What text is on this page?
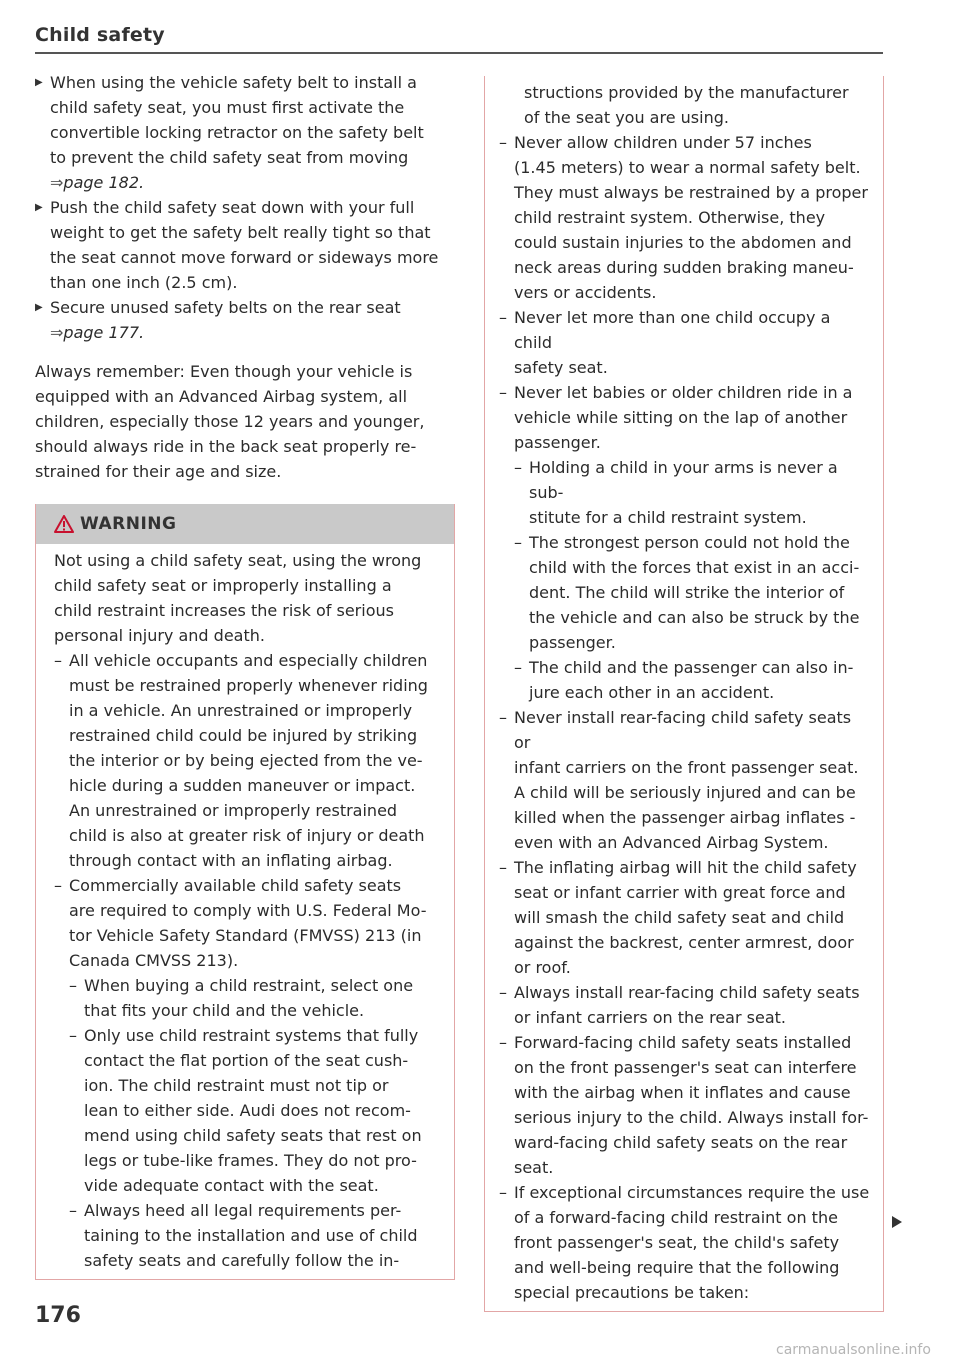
Child safety
▶ When using the vehicle safety belt to install a
child safety seat, you must first activate the
convertible locking retractor on the safety belt
to prevent the child safety seat from moving
⇒page 182.
▶ Push the child safety seat down with your full
weight to get the safety belt really tight so that
the seat cannot move forward or sideways more
than one inch (2.5 cm).
▶ Secure unused safety belts on the rear seat
⇒page 177.
Always remember: Even though your vehicle is
equipped with an Advanced Airbag system, all
children, especially those 12 years and younger,
should always ride in the back seat properly re-
strained for their age and size.
WARNING
Not using a child safety seat, using the wrong
child safety seat or improperly installing a
child restraint increases the risk of serious
personal injury and death.
– All vehicle occupants and especially children
must be restrained properly whenever riding
in a vehicle. An unrestrained or improperly
restrained child could be injured by striking
the interior or by being ejected from the ve-
hicle during a sudden maneuver or impact.
An unrestrained or improperly restrained
child is also at greater risk of injury or death
through contact with an inflating airbag.
– Commercially available child safety seats
are required to comply with U.S. Federal Mo-
tor Vehicle Safety Standard (FMVSS) 213 (in
Canada CMVSS 213).
– When buying a child restraint, select one
that fits your child and the vehicle.
– Only use child restraint systems that fully
contact the flat portion of the seat cush-
ion. The child restraint must not tip or
lean to either side. Audi does not recom-
mend using child safety seats that rest on
legs or tube-like frames. They do not pro-
vide adequate contact with the seat.
– Always heed all legal requirements per-
taining to the installation and use of child
safety seats and carefully follow the in-
structions provided by the manufacturer
of the seat you are using.
– Never allow children under 57 inches
(1.45 meters) to wear a normal safety belt.
They must always be restrained by a proper
child restraint system. Otherwise, they
could sustain injuries to the abdomen and
neck areas during sudden braking maneu-
vers or accidents.
– Never let more than one child occupy a child
safety seat.
– Never let babies or older children ride in a
vehicle while sitting on the lap of another
passenger.
– Holding a child in your arms is never a sub-
stitute for a child restraint system.
– The strongest person could not hold the
child with the forces that exist in an acci-
dent. The child will strike the interior of
the vehicle and can also be struck by the
passenger.
– The child and the passenger can also in-
jure each other in an accident.
– Never install rear-facing child safety seats or
infant carriers on the front passenger seat.
A child will be seriously injured and can be
killed when the passenger airbag inflates -
even with an Advanced Airbag System.
– The inflating airbag will hit the child safety
seat or infant carrier with great force and
will smash the child safety seat and child
against the backrest, center armrest, door
or roof.
– Always install rear-facing child safety seats
or infant carriers on the rear seat.
– Forward-facing child safety seats installed
on the front passenger's seat can interfere
with the airbag when it inflates and cause
serious injury to the child. Always install for-
ward-facing child safety seats on the rear
seat.
– If exceptional circumstances require the use
of a forward-facing child restraint on the
front passenger's seat, the child's safety
and well-being require that the following
special precautions be taken:
176
carmanualsonline.info
